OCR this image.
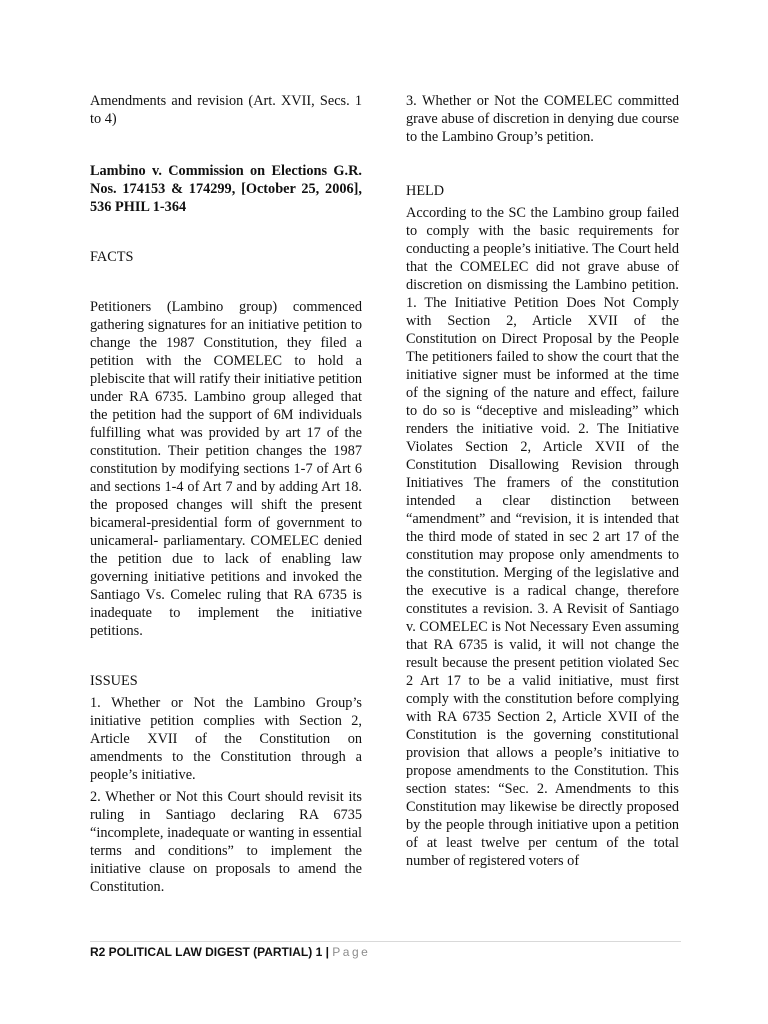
Amendments and revision (Art. XVII, Secs. 1 to 4)

Lambino v. Commission on Elections G.R. Nos. 174153 & 174299, [October 25, 2006], 536 PHIL 1-364

FACTS

Petitioners (Lambino group) commenced gathering signatures for an initiative petition to change the 1987 Constitution, they filed a petition with the COMELEC to hold a plebiscite that will ratify their initiative petition under RA 6735. Lambino group alleged that the petition had the support of 6M individuals fulfilling what was provided by art 17 of the constitution. Their petition changes the 1987 constitution by modifying sections 1-7 of Art 6 and sections 1-4 of Art 7 and by adding Art 18. the proposed changes will shift the present bicameral-presidential form of government to unicameral- parliamentary. COMELEC denied the petition due to lack of enabling law governing initiative petitions and invoked the Santiago Vs. Comelec ruling that RA 6735 is inadequate to implement the initiative petitions.

ISSUES

1. Whether or Not the Lambino Group’s initiative petition complies with Section 2, Article XVII of the Constitution on amendments to the Constitution through a people’s initiative.

2. Whether or Not this Court should revisit its ruling in Santiago declaring RA 6735 “incomplete, inadequate or wanting in essential terms and conditions” to implement the initiative clause on proposals to amend the Constitution.

3. Whether or Not the COMELEC committed grave abuse of discretion in denying due course to the Lambino Group’s petition.

HELD

According to the SC the Lambino group failed to comply with the basic requirements for conducting a people’s initiative. The Court held that the COMELEC did not grave abuse of discretion on dismissing the Lambino petition. 1. The Initiative Petition Does Not Comply with Section 2, Article XVII of the Constitution on Direct Proposal by the People The petitioners failed to show the court that the initiative signer must be informed at the time of the signing of the nature and effect, failure to do so is “deceptive and misleading” which renders the initiative void. 2. The Initiative Violates Section 2, Article XVII of the Constitution Disallowing Revision through Initiatives The framers of the constitution intended a clear distinction between “amendment” and “revision, it is intended that the third mode of stated in sec 2 art 17 of the constitution may propose only amendments to the constitution. Merging of the legislative and the executive is a radical change, therefore constitutes a revision. 3. A Revisit of Santiago v. COMELEC is Not Necessary Even assuming that RA 6735 is valid, it will not change the result because the present petition violated Sec 2 Art 17 to be a valid initiative, must first comply with the constitution before complying with RA 6735 Section 2, Article XVII of the Constitution is the governing constitutional provision that allows a people’s initiative to propose amendments to the Constitution. This section states: “Sec. 2. Amendments to this Constitution may likewise be directly proposed by the people through initiative upon a petition of at least twelve per centum of the total number of registered voters of

R2 POLITICAL LAW DIGEST (PARTIAL) 1 | Page
